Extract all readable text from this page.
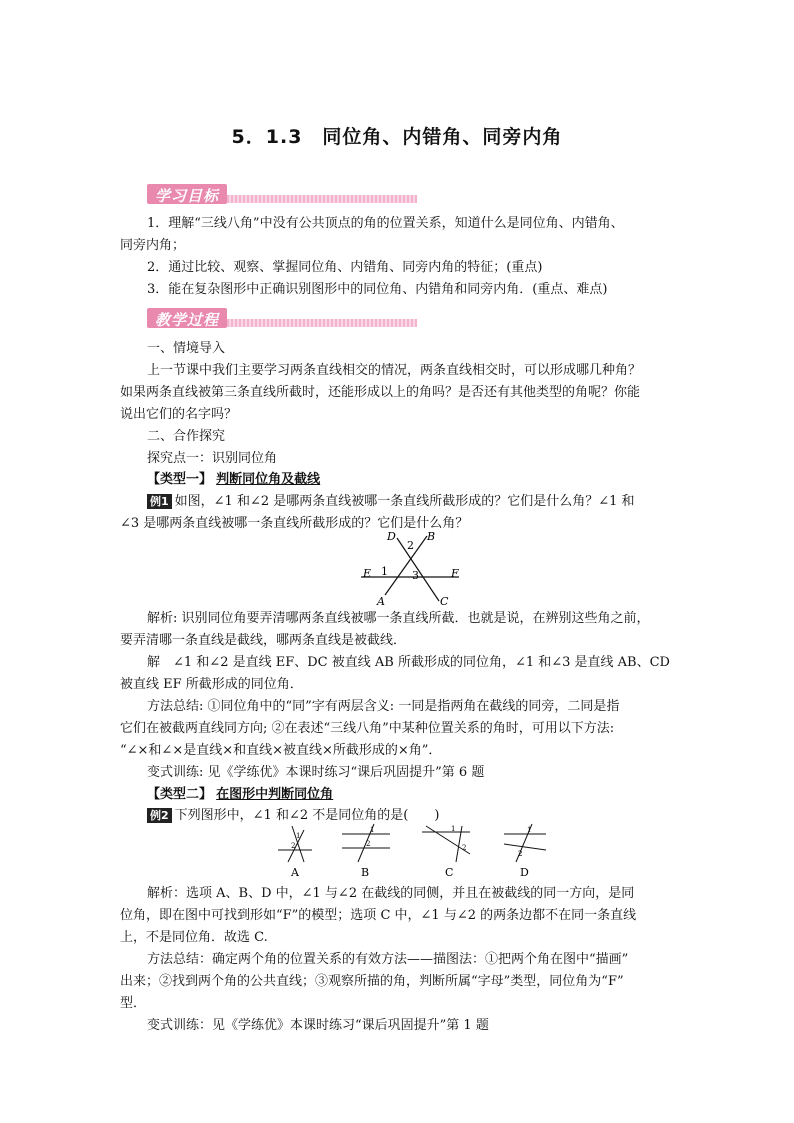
5．1.3　同位角、内错角、同旁内角
学习目标
1．理解“三线八角”中没有公共顶点的角的位置关系，知道什么是同位角、内错角、
同旁内角；
2．通过比较、观察、掌握同位角、内错角、同旁内角的特征；(重点)
3．能在复杂图形中正确识别图形中的同位角、内错角和同旁内角．(重点、难点)
教学过程
一、情境导入
上一节课中我们主要学习两条直线相交的情况，两条直线相交时，可以形成哪几种角？
如果两条直线被第三条直线所截时，还能形成以上的角吗？是否还有其他类型的角呢？你能
说出它们的名字吗？
二、合作探究
探究点一：识别同位角
【类型一】 判断同位角及截线
例1 如图，∠1 和∠2 是哪两条直线被哪一条直线所截形成的？它们是什么角？∠1 和
∠3 是哪两条直线被哪一条直线所截形成的？它们是什么角？
D	B
2
E 1 3	F
A	C
解析: 识别同位角要弄清哪两条直线被哪一条直线所截．也就是说，在辨别这些角之前，
要弄清哪一条直线是截线，哪两条直线是被截线．
解　∠1 和∠2 是直线 EF、DC 被直线 AB 所截形成的同位角，∠1 和∠3 是直线 AB、CD
被直线 EF 所截形成的同位角．
方法总结: ①同位角中的“同”字有两层含义: 一同是指两角在截线的同旁，二同是指
它们在被截两直线同方向; ②在表述“三线八角”中某种位置关系的角时，可用以下方法:
“∠×和∠×是直线×和直线×被直线×所截形成的×角”．
变式训练: 见《学练优》本课时练习“课后巩固提升”第 6 题
【类型二】 在图形中判断同位角
例2 下列图形中，∠1 和∠2 不是同位角的是(　　)
1
2
A
1
2
B
1
2
C
1
2
D
解析：选项 A、B、D 中，∠1 与∠2 在截线的同侧，并且在被截线的同一方向，是同
位角，即在图中可找到形如“F”的模型；选项 C 中，∠1 与∠2 的两条边都不在同一条直线
上，不是同位角．故选 C.
方法总结：确定两个角的位置关系的有效方法——描图法：①把两个角在图中“描画”
出来；②找到两个角的公共直线；③观察所描的角，判断所属“字母”类型，同位角为“F”
型．
变式训练：见《学练优》本课时练习“课后巩固提升”第 1 题
